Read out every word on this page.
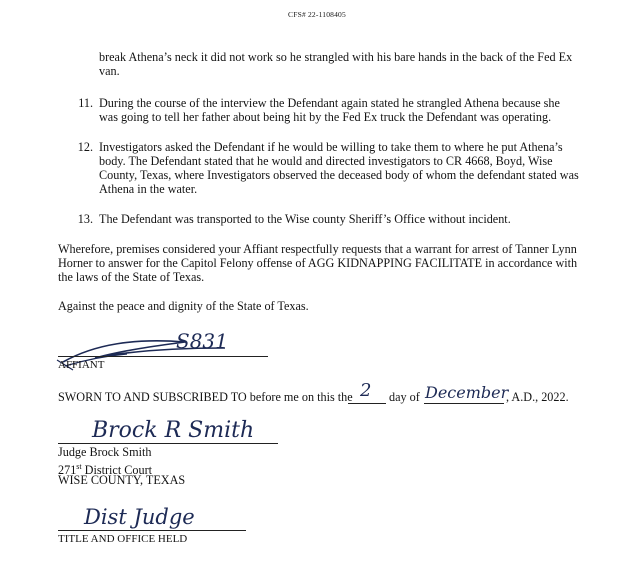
CFS# 22-1108405
break Athena’s neck it did not work so he strangled with his bare hands in the back of the Fed Ex
van.
11. During the course of the interview the Defendant again stated he strangled Athena because she
was going to tell her father about being hit by the Fed Ex truck the Defendant was operating.
12. Investigators asked the Defendant if he would be willing to take them to where he put Athena’s
body. The Defendant stated that he would and directed investigators to CR 4668, Boyd, Wise
County, Texas, where Investigators observed the deceased body of whom the defendant stated was
Athena in the water.
13. The Defendant was transported to the Wise county Sheriff’s Office without incident.
Wherefore, premises considered your Affiant respectfully requests that a warrant for arrest of Tanner Lynn
Horner to answer for the Capitol Felony offense of AGG KIDNAPPING FACILITATE in accordance with
the laws of the State of Texas.
Against the peace and dignity of the State of Texas.
S831
AFFIANT
SWORN TO AND SUBSCRIBED TO before me on this the 2 day of December
, A.D., 2022.
Brock R Smith
Judge Brock Smith
271st District Court
WISE COUNTY, TEXAS
Dist Judge
TITLE AND OFFICE HELD
